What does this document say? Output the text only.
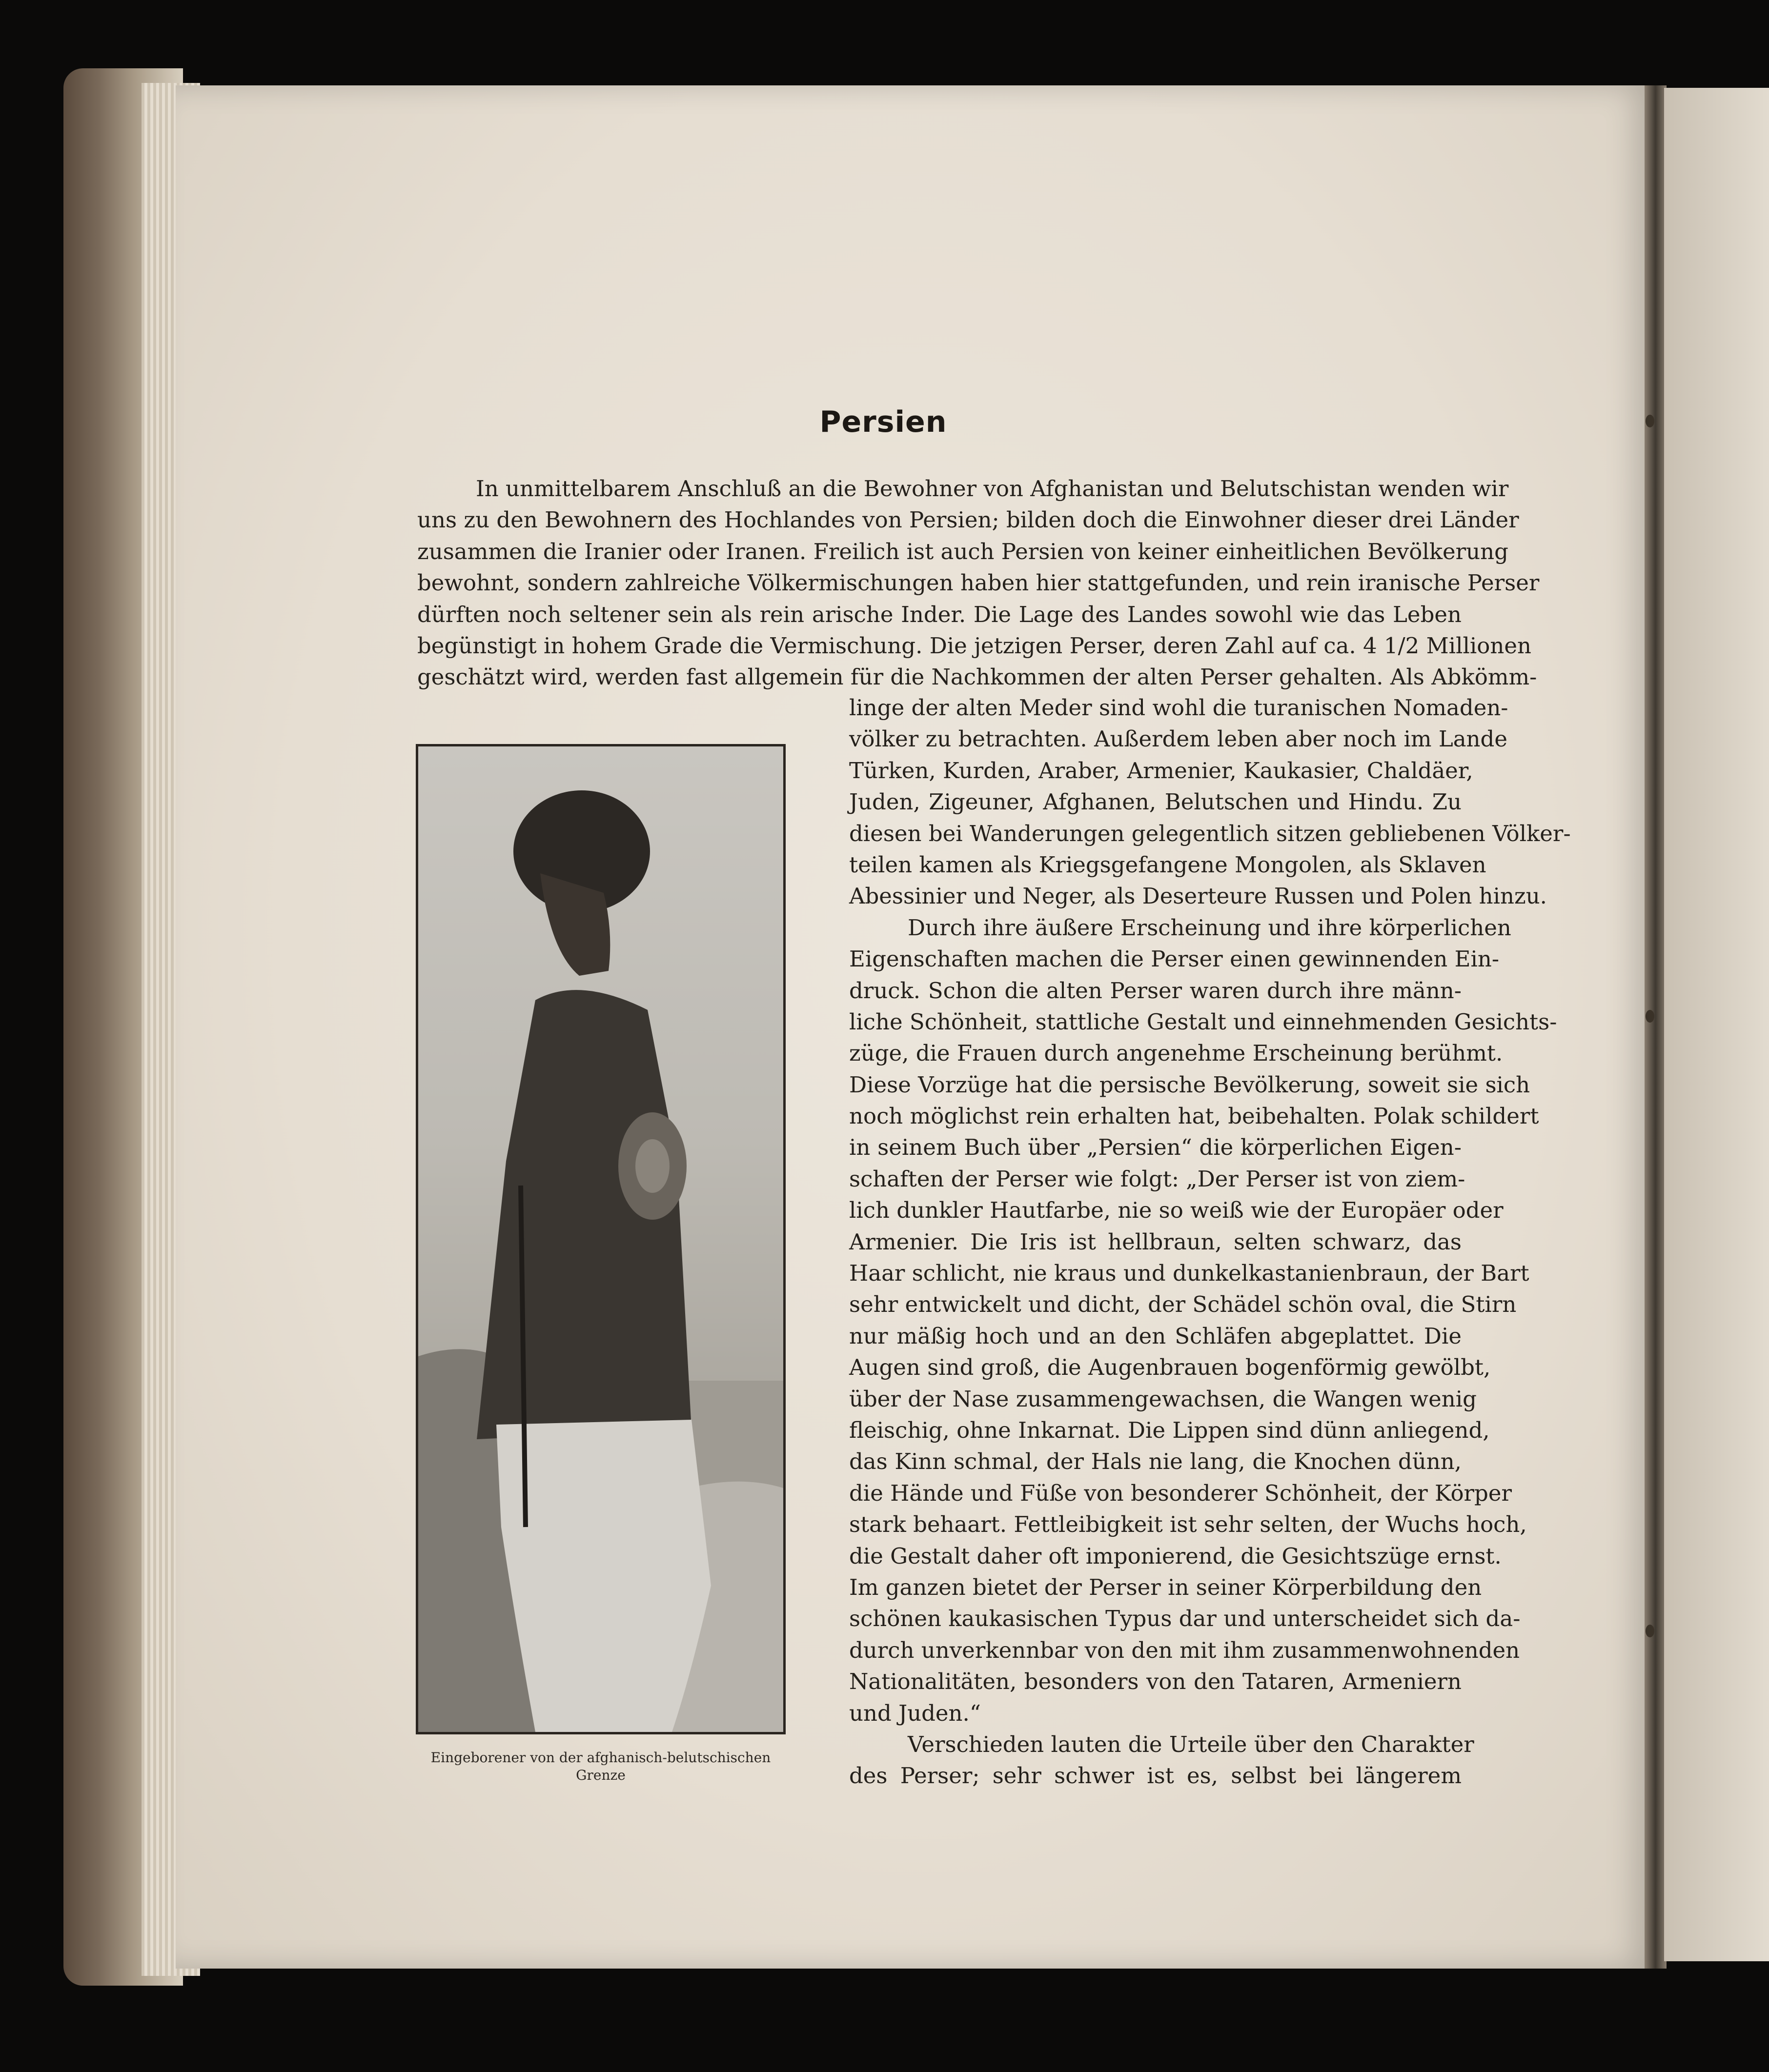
Persien
In unmittelbarem Anschluß an die Bewohner von Afghanistan und Belutschistan wenden wir
uns zu den Bewohnern des Hochlandes von Persien; bilden doch die Einwohner dieser drei Länder
zusammen die Iranier oder Iranen. Freilich ist auch Persien von keiner einheitlichen Bevölkerung
bewohnt, sondern zahlreiche Völkermischungen haben hier stattgefunden, und rein iranische Perser
dürften noch seltener sein als rein arische Inder. Die Lage des Landes sowohl wie das Leben
begünstigt in hohem Grade die Vermischung. Die jetzigen Perser, deren Zahl auf ca. 4 1/2 Millionen
geschätzt wird, werden fast allgemein für die Nachkommen der alten Perser gehalten. Als Abkömm-
Eingeborener von der afghanisch-belutschischen
Grenze
linge der alten Meder sind wohl die turanischen Nomaden-
völker zu betrachten. Außerdem leben aber noch im Lande
Türken, Kurden, Araber, Armenier, Kaukasier, Chaldäer,
Juden, Zigeuner, Afghanen, Belutschen und Hindu. Zu
diesen bei Wanderungen gelegentlich sitzen gebliebenen Völker-
teilen kamen als Kriegsgefangene Mongolen, als Sklaven
Abessinier und Neger, als Deserteure Russen und Polen hinzu.
Durch ihre äußere Erscheinung und ihre körperlichen
Eigenschaften machen die Perser einen gewinnenden Ein-
druck. Schon die alten Perser waren durch ihre männ-
liche Schönheit, stattliche Gestalt und einnehmenden Gesichts-
züge, die Frauen durch angenehme Erscheinung berühmt.
Diese Vorzüge hat die persische Bevölkerung, soweit sie sich
noch möglichst rein erhalten hat, beibehalten. Polak schildert
in seinem Buch über „Persien“ die körperlichen Eigen-
schaften der Perser wie folgt: „Der Perser ist von ziem-
lich dunkler Hautfarbe, nie so weiß wie der Europäer oder
Armenier. Die Iris ist hellbraun, selten schwarz, das
Haar schlicht, nie kraus und dunkelkastanienbraun, der Bart
sehr entwickelt und dicht, der Schädel schön oval, die Stirn
nur mäßig hoch und an den Schläfen abgeplattet. Die
Augen sind groß, die Augenbrauen bogenförmig gewölbt,
über der Nase zusammengewachsen, die Wangen wenig
fleischig, ohne Inkarnat. Die Lippen sind dünn anliegend,
das Kinn schmal, der Hals nie lang, die Knochen dünn,
die Hände und Füße von besonderer Schönheit, der Körper
stark behaart. Fettleibigkeit ist sehr selten, der Wuchs hoch,
die Gestalt daher oft imponierend, die Gesichtszüge ernst.
Im ganzen bietet der Perser in seiner Körperbildung den
schönen kaukasischen Typus dar und unterscheidet sich da-
durch unverkennbar von den mit ihm zusammenwohnenden
Nationalitäten, besonders von den Tataren, Armeniern
und Juden.“
Verschieden lauten die Urteile über den Charakter
des Perser; sehr schwer ist es, selbst bei längerem
